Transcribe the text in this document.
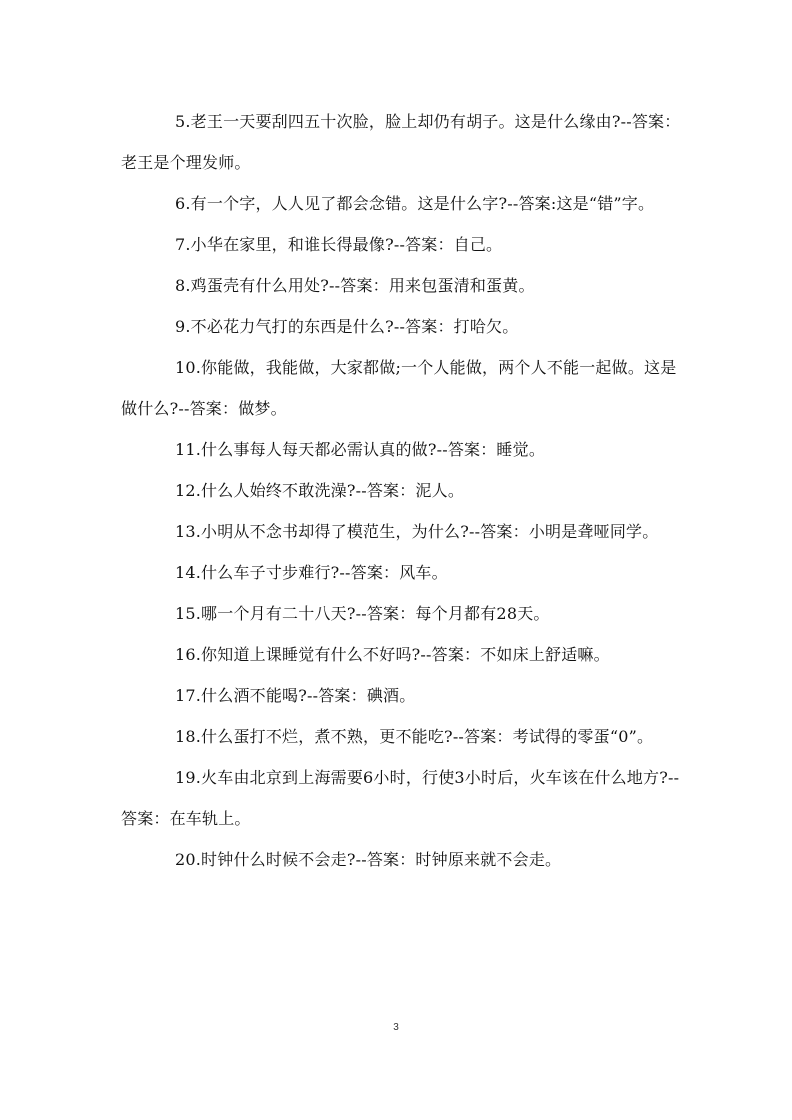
5.老王一天要刮四五十次脸，脸上却仍有胡子。这是什么缘由?--答案：老王是个理发师。

6.有一个字，人人见了都会念错。这是什么字?--答案:这是“错”字。

7.小华在家里，和谁长得最像?--答案：自己。

8.鸡蛋壳有什么用处?--答案：用来包蛋清和蛋黄。

9.不必花力气打的东西是什么?--答案：打哈欠。

10.你能做，我能做，大家都做;一个人能做，两个人不能一起做。这是做什么?--答案：做梦。

11.什么事每人每天都必需认真的做?--答案：睡觉。

12.什么人始终不敢洗澡?--答案：泥人。

13.小明从不念书却得了模范生，为什么?--答案：小明是聋哑同学。

14.什么车子寸步难行?--答案：风车。

15.哪一个月有二十八天?--答案：每个月都有28天。

16.你知道上课睡觉有什么不好吗?--答案：不如床上舒适嘛。

17.什么酒不能喝?--答案：碘酒。

18.什么蛋打不烂，煮不熟，更不能吃?--答案：考试得的零蛋“0”。

19.火车由北京到上海需要6小时，行使3小时后，火车该在什么地方?--答案：在车轨上。

20.时钟什么时候不会走?--答案：时钟原来就不会走。

3
